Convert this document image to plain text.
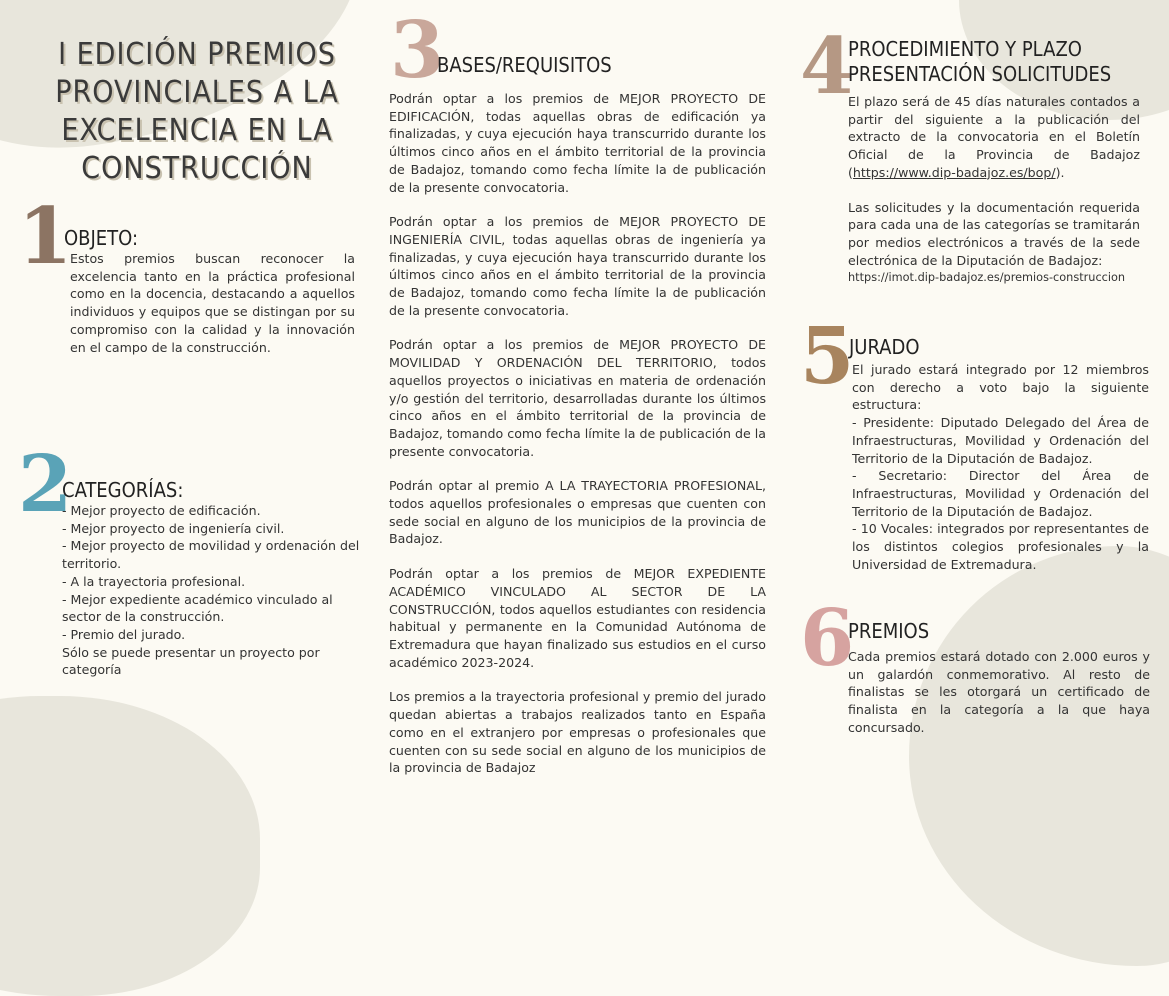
I EDICIÓN PREMIOS PROVINCIALES A LA EXCELENCIA EN LA CONSTRUCCIÓN
1
OBJETO:
Estos premios buscan reconocer la excelencia tanto en la práctica profesional como en la docencia, destacando a aquellos individuos y equipos que se distingan por su compromiso con la calidad y la innovación en el campo de la construcción.
2
CATEGORÍAS:

- Mejor proyecto de edificación.

- Mejor proyecto de ingeniería civil.

- Mejor proyecto de movilidad y ordenación del territorio.

- A la trayectoria profesional.

- Mejor expediente académico vinculado al sector de la construcción.

- Premio del jurado.

Sólo se puede presentar un proyecto por categoría

3
BASES/REQUISITOS

Podrán optar a los premios de MEJOR PROYECTO DE EDIFICACIÓN, todas aquellas obras de edificación ya finalizadas, y cuya ejecución haya transcurrido durante los últimos cinco años en el ámbito territorial de la provincia de Badajoz, tomando como fecha límite la de publicación de la presente convocatoria.

Podrán optar a los premios de MEJOR PROYECTO DE INGENIERÍA CIVIL, todas aquellas obras de ingeniería ya finalizadas, y cuya ejecución haya transcurrido durante los últimos cinco años en el ámbito territorial de la provincia de Badajoz, tomando como fecha límite la de publicación de la presente convocatoria.

Podrán optar a los premios de MEJOR PROYECTO DE MOVILIDAD Y ORDENACIÓN DEL TERRITORIO, todos aquellos proyectos o iniciativas en materia de ordenación y/o gestión del territorio, desarrolladas durante los últimos cinco años en el ámbito territorial de la provincia de Badajoz, tomando como fecha límite la de publicación de la presente convocatoria.

Podrán optar al premio A LA TRAYECTORIA PROFESIONAL, todos aquellos profesionales o empresas que cuenten con sede social en alguno de los municipios de la provincia de Badajoz.

Podrán optar a los premios de MEJOR EXPEDIENTE ACADÉMICO VINCULADO AL SECTOR DE LA CONSTRUCCIÓN, todos aquellos estudiantes con residencia habitual y permanente en la Comunidad Autónoma de Extremadura que hayan finalizado sus estudios en el curso académico 2023-2024.

Los premios a la trayectoria profesional y premio del jurado quedan abiertas a trabajos realizados tanto en España como en el extranjero por empresas o profesionales que cuenten con su sede social en alguno de los municipios de la provincia de Badajoz

4
PROCEDIMIENTO Y PLAZO
PRESENTACIÓN SOLICITUDES

El plazo será de 45 días naturales contados a partir del siguiente a la publicación del extracto de la convocatoria en el Boletín Oficial de la Provincia de Badajoz (https://www.dip-badajoz.es/bop/).

Las solicitudes y la documentación requerida para cada una de las categorías se tramitarán por medios electrónicos a través de la sede electrónica de la Diputación de Badajoz:

https://imot.dip-badajoz.es/premios-construccion

5
JURADO

El jurado estará integrado por 12 miembros con derecho a voto bajo la siguiente estructura:

- Presidente: Diputado Delegado del Área de Infraestructuras, Movilidad y Ordenación del Territorio de la Diputación de Badajoz.

- Secretario: Director del Área de Infraestructuras, Movilidad y Ordenación del Territorio de la Diputación de Badajoz.

- 10 Vocales: integrados por representantes de los distintos colegios profesionales y la Universidad de Extremadura.

6
PREMIOS
Cada premios estará dotado con 2.000 euros y un galardón conmemorativo. Al resto de finalistas se les otorgará un certificado de finalista en la categoría a la que haya concursado.
